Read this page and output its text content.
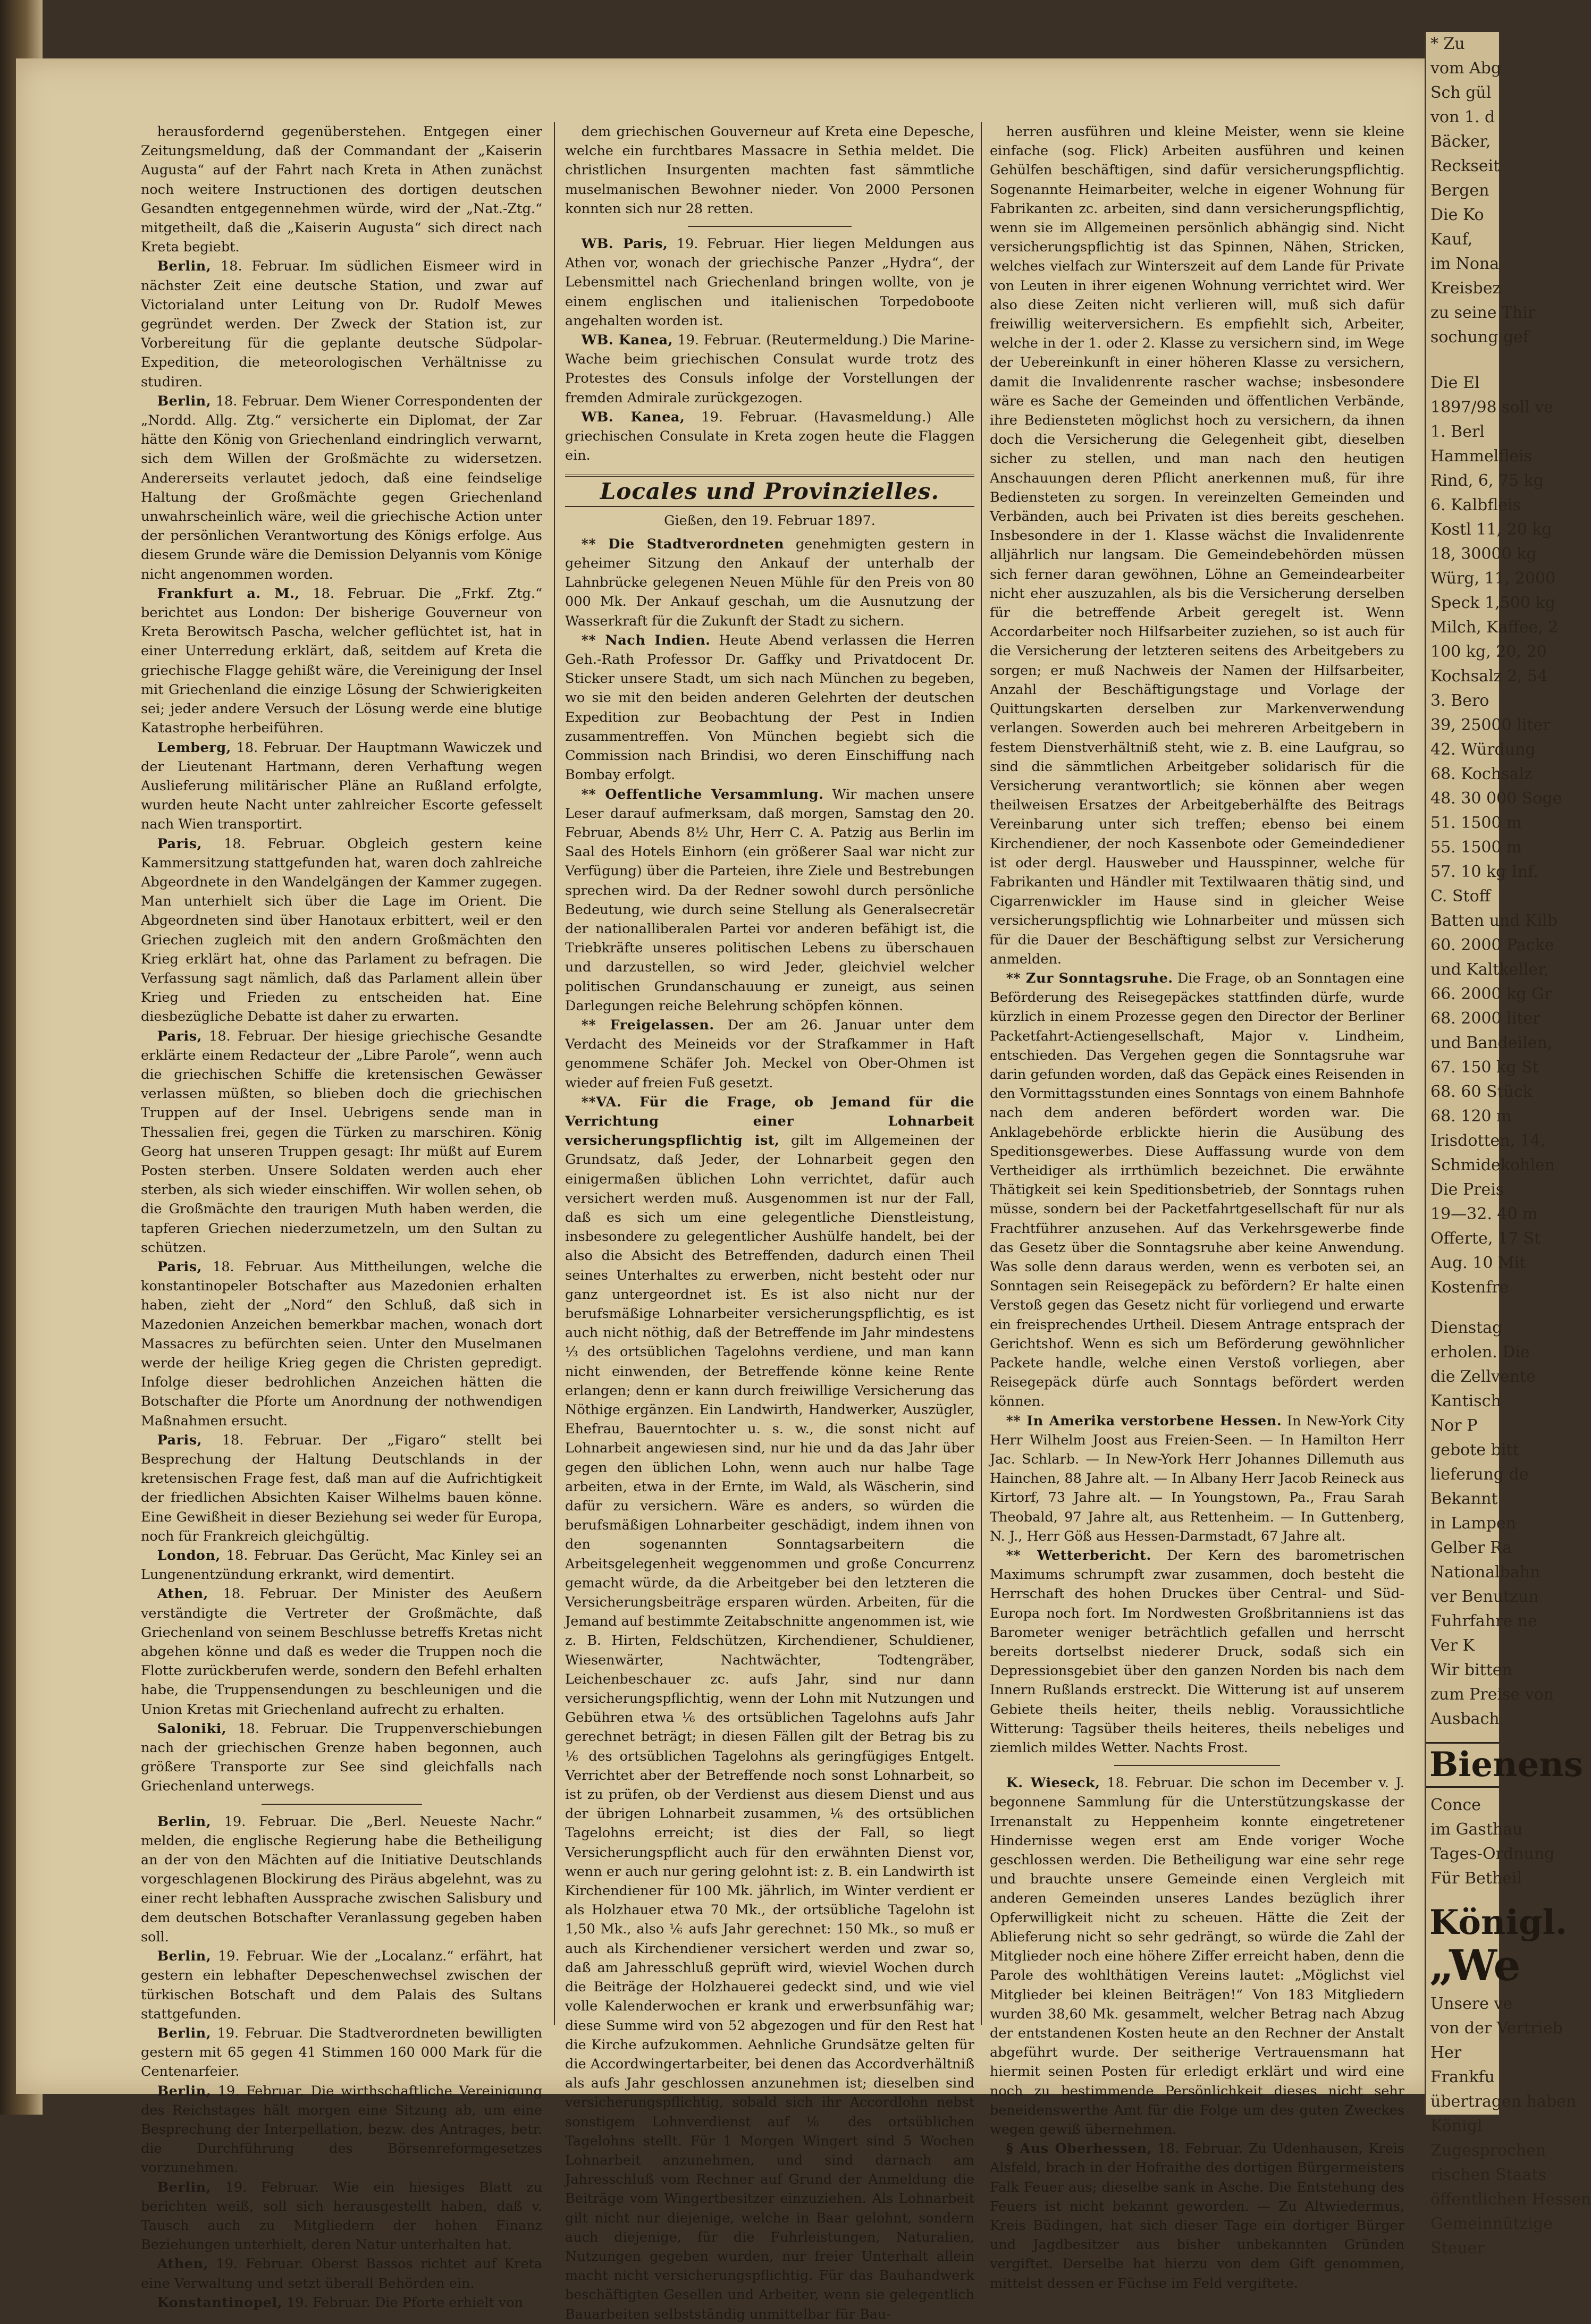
herausfordernd gegenüberstehen. Entgegen einer Zeitungsmeldung, daß der Commandant der „Kaiserin Augusta“ auf der Fahrt nach Kreta in Athen zunächst noch weitere Instructionen des dortigen deutschen Gesandten entgegennehmen würde, wird der „Nat.-Ztg.“ mitgetheilt, daß die „Kaiserin Augusta“ sich direct nach Kreta begiebt.

Berlin, 18. Februar. Im südlichen Eismeer wird in nächster Zeit eine deutsche Station, und zwar auf Victorialand unter Leitung von Dr. Rudolf Mewes gegründet werden. Der Zweck der Station ist, zur Vorbereitung für die geplante deutsche Südpolar-Expedition, die meteorologischen Verhältnisse zu studiren.

Berlin, 18. Februar. Dem Wiener Correspondenten der „Nordd. Allg. Ztg.“ versicherte ein Diplomat, der Zar hätte den König von Griechenland eindringlich verwarnt, sich dem Willen der Großmächte zu widersetzen. Andererseits verlautet jedoch, daß eine feindselige Haltung der Großmächte gegen Griechenland unwahrscheinlich wäre, weil die griechische Action unter der persönlichen Verantwortung des Königs erfolge. Aus diesem Grunde wäre die Demission Delyannis vom Könige nicht angenommen worden.

Frankfurt a. M., 18. Februar. Die „Frkf. Ztg.“ berichtet aus London: Der bisherige Gouverneur von Kreta Berowitsch Pascha, welcher geflüchtet ist, hat in einer Unterredung erklärt, daß, seitdem auf Kreta die griechische Flagge gehißt wäre, die Vereinigung der Insel mit Griechenland die einzige Lösung der Schwierigkeiten sei; jeder andere Versuch der Lösung werde eine blutige Katastrophe herbeiführen.

Lemberg, 18. Februar. Der Hauptmann Wawiczek und der Lieutenant Hartmann, deren Verhaftung wegen Auslieferung militärischer Pläne an Rußland erfolgte, wurden heute Nacht unter zahlreicher Escorte gefesselt nach Wien transportirt.

Paris, 18. Februar. Obgleich gestern keine Kammersitzung stattgefunden hat, waren doch zahlreiche Abgeordnete in den Wandelgängen der Kammer zugegen. Man unterhielt sich über die Lage im Orient. Die Abgeordneten sind über Hanotaux erbittert, weil er den Griechen zugleich mit den andern Großmächten den Krieg erklärt hat, ohne das Parlament zu befragen. Die Verfassung sagt nämlich, daß das Parlament allein über Krieg und Frieden zu entscheiden hat. Eine diesbezügliche Debatte ist daher zu erwarten.

Paris, 18. Februar. Der hiesige griechische Gesandte erklärte einem Redacteur der „Libre Parole“, wenn auch die griechischen Schiffe die kretensischen Gewässer verlassen müßten, so blieben doch die griechischen Truppen auf der Insel. Uebrigens sende man in Thessalien frei, gegen die Türken zu marschiren. König Georg hat unseren Truppen gesagt: Ihr müßt auf Eurem Posten sterben. Unsere Soldaten werden auch eher sterben, als sich wieder einschiffen. Wir wollen sehen, ob die Großmächte den traurigen Muth haben werden, die tapferen Griechen niederzumetzeln, um den Sultan zu schützen.

Paris, 18. Februar. Aus Mittheilungen, welche die konstantinopeler Botschafter aus Mazedonien erhalten haben, zieht der „Nord“ den Schluß, daß sich in Mazedonien Anzeichen bemerkbar machen, wonach dort Massacres zu befürchten seien. Unter den Muselmanen werde der heilige Krieg gegen die Christen gepredigt. Infolge dieser bedrohlichen Anzeichen hätten die Botschafter die Pforte um Anordnung der nothwendigen Maßnahmen ersucht.

Paris, 18. Februar. Der „Figaro“ stellt bei Besprechung der Haltung Deutschlands in der kretensischen Frage fest, daß man auf die Aufrichtigkeit der friedlichen Absichten Kaiser Wilhelms bauen könne. Eine Gewißheit in dieser Beziehung sei weder für Europa, noch für Frankreich gleichgültig.

London, 18. Februar. Das Gerücht, Mac Kinley sei an Lungenentzündung erkrankt, wird dementirt.

Athen, 18. Februar. Der Minister des Aeußern verständigte die Vertreter der Großmächte, daß Griechenland von seinem Beschlusse betreffs Kretas nicht abgehen könne und daß es weder die Truppen noch die Flotte zurückberufen werde, sondern den Befehl erhalten habe, die Truppensendungen zu beschleunigen und die Union Kretas mit Griechenland aufrecht zu erhalten.

Saloniki, 18. Februar. Die Truppenverschiebungen nach der griechischen Grenze haben begonnen, auch größere Transporte zur See sind gleichfalls nach Griechenland unterwegs.

Berlin, 19. Februar. Die „Berl. Neueste Nachr.“ melden, die englische Regierung habe die Betheiligung an der von den Mächten auf die Initiative Deutschlands vorgeschlagenen Blockirung des Piräus abgelehnt, was zu einer recht lebhaften Aussprache zwischen Salisbury und dem deutschen Botschafter Veranlassung gegeben haben soll.

Berlin, 19. Februar. Wie der „Localanz.“ erfährt, hat gestern ein lebhafter Depeschenwechsel zwischen der türkischen Botschaft und dem Palais des Sultans stattgefunden.

Berlin, 19. Februar. Die Stadtverordneten bewilligten gestern mit 65 gegen 41 Stimmen 160 000 Mark für die Centenarfeier.

Berlin, 19. Februar. Die wirthschaftliche Vereinigung des Reichstages hält morgen eine Sitzung ab, um eine Besprechung der Interpellation, bezw. des Antrages, betr. die Durchführung des Börsenreformgesetzes vorzunehmen.

Berlin, 19. Februar. Wie ein hiesiges Blatt zu berichten weiß, soll sich herausgestellt haben, daß v. Tausch auch zu Mitgliedern der hohen Finanz Beziehungen unterhielt, deren Natur unterhalten hat.

Athen, 19. Februar. Oberst Bassos richtet auf Kreta eine Verwaltung und setzt überall Behörden ein.

Konstantinopel, 19. Februar. Die Pforte erhielt von

dem griechischen Gouverneur auf Kreta eine Depesche, welche ein furchtbares Massacre in Sethia meldet. Die christlichen Insurgenten machten fast sämmtliche muselmanischen Bewohner nieder. Von 2000 Personen konnten sich nur 28 retten.

WB. Paris, 19. Februar. Hier liegen Meldungen aus Athen vor, wonach der griechische Panzer „Hydra“, der Lebensmittel nach Griechenland bringen wollte, von je einem englischen und italienischen Torpedoboote angehalten worden ist.

WB. Kanea, 19. Februar. (Reutermeldung.) Die Marine-Wache beim griechischen Consulat wurde trotz des Protestes des Consuls infolge der Vorstellungen der fremden Admirale zurückgezogen.

WB. Kanea, 19. Februar. (Havasmeldung.) Alle griechischen Consulate in Kreta zogen heute die Flaggen ein.

Locales und Provinzielles.
Gießen, den 19. Februar 1897.

** Die Stadtverordneten genehmigten gestern in geheimer Sitzung den Ankauf der unterhalb der Lahnbrücke gelegenen Neuen Mühle für den Preis von 80 000 Mk. Der Ankauf geschah, um die Ausnutzung der Wasserkraft für die Zukunft der Stadt zu sichern.

** Nach Indien. Heute Abend verlassen die Herren Geh.-Rath Professor Dr. Gaffky und Privatdocent Dr. Sticker unsere Stadt, um sich nach München zu begeben, wo sie mit den beiden anderen Gelehrten der deutschen Expedition zur Beobachtung der Pest in Indien zusammentreffen. Von München begiebt sich die Commission nach Brindisi, wo deren Einschiffung nach Bombay erfolgt.

** Oeffentliche Versammlung. Wir machen unsere Leser darauf aufmerksam, daß morgen, Samstag den 20. Februar, Abends 8½ Uhr, Herr C. A. Patzig aus Berlin im Saal des Hotels Einhorn (ein größerer Saal war nicht zur Verfügung) über die Parteien, ihre Ziele und Bestrebungen sprechen wird. Da der Redner sowohl durch persönliche Bedeutung, wie durch seine Stellung als Generalsecretär der nationalliberalen Partei vor anderen befähigt ist, die Triebkräfte unseres politischen Lebens zu überschauen und darzustellen, so wird Jeder, gleichviel welcher politischen Grundanschauung er zuneigt, aus seinen Darlegungen reiche Belehrung schöpfen können.

** Freigelassen. Der am 26. Januar unter dem Verdacht des Meineids vor der Strafkammer in Haft genommene Schäfer Joh. Meckel von Ober-Ohmen ist wieder auf freien Fuß gesetzt.

**VA. Für die Frage, ob Jemand für die Verrichtung einer Lohnarbeit versicherungspflichtig ist, gilt im Allgemeinen der Grundsatz, daß Jeder, der Lohnarbeit gegen den einigermaßen üblichen Lohn verrichtet, dafür auch versichert werden muß. Ausgenommen ist nur der Fall, daß es sich um eine gelegentliche Dienstleistung, insbesondere zu gelegentlicher Aushülfe handelt, bei der also die Absicht des Betreffenden, dadurch einen Theil seines Unterhaltes zu erwerben, nicht besteht oder nur ganz untergeordnet ist. Es ist also nicht nur der berufsmäßige Lohnarbeiter versicherungspflichtig, es ist auch nicht nöthig, daß der Betreffende im Jahr mindestens ⅓ des ortsüblichen Tagelohns verdiene, und man kann nicht einwenden, der Betreffende könne keine Rente erlangen; denn er kann durch freiwillige Versicherung das Nöthige ergänzen. Ein Landwirth, Handwerker, Auszügler, Ehefrau, Bauerntochter u. s. w., die sonst nicht auf Lohnarbeit angewiesen sind, nur hie und da das Jahr über gegen den üblichen Lohn, wenn auch nur halbe Tage arbeiten, etwa in der Ernte, im Wald, als Wäscherin, sind dafür zu versichern. Wäre es anders, so würden die berufsmäßigen Lohnarbeiter geschädigt, indem ihnen von den sogenannten Sonntagsarbeitern die Arbeitsgelegenheit weggenommen und große Concurrenz gemacht würde, da die Arbeitgeber bei den letzteren die Versicherungsbeiträge ersparen würden. Arbeiten, für die Jemand auf bestimmte Zeitabschnitte angenommen ist, wie z. B. Hirten, Feldschützen, Kirchendiener, Schuldiener, Wiesenwärter, Nachtwächter, Todtengräber, Leichenbeschauer zc. aufs Jahr, sind nur dann versicherungspflichtig, wenn der Lohn mit Nutzungen und Gebühren etwa ⅙ des ortsüblichen Tagelohns aufs Jahr gerechnet beträgt; in diesen Fällen gilt der Betrag bis zu ⅙ des ortsüblichen Tagelohns als geringfügiges Entgelt. Verrichtet aber der Betreffende noch sonst Lohnarbeit, so ist zu prüfen, ob der Verdienst aus diesem Dienst und aus der übrigen Lohnarbeit zusammen, ⅙ des ortsüblichen Tagelohns erreicht; ist dies der Fall, so liegt Versicherungspflicht auch für den erwähnten Dienst vor, wenn er auch nur gering gelohnt ist: z. B. ein Landwirth ist Kirchendiener für 100 Mk. jährlich, im Winter verdient er als Holzhauer etwa 70 Mk., der ortsübliche Tagelohn ist 1,50 Mk., also ⅙ aufs Jahr gerechnet: 150 Mk., so muß er auch als Kirchendiener versichert werden und zwar so, daß am Jahresschluß geprüft wird, wieviel Wochen durch die Beiträge der Holzhauerei gedeckt sind, und wie viel volle Kalenderwochen er krank und erwerbsunfähig war; diese Summe wird von 52 abgezogen und für den Rest hat die Kirche aufzukommen. Aehnliche Grundsätze gelten für die Accordwingertarbeiter, bei denen das Accordverhältniß als aufs Jahr geschlossen anzunehmen ist; dieselben sind versicherungspflichtig, sobald sich ihr Accordlohn nebst sonstigem Lohnverdienst auf ⅙ des ortsüblichen Tagelohns stellt. Für 1 Morgen Wingert sind 5 Wochen Lohnarbeit anzunehmen, und sind darnach am Jahresschluß vom Rechner auf Grund der Anmeldung die Beiträge vom Wingertbesitzer einzuziehen. Als Lohnarbeit gilt nicht nur diejenige, welche in Baar gelohnt, sondern auch diejenige, für die Fuhrleistungen, Naturalien, Nutzungen gegeben wurden, nur freier Unterhalt allein macht nicht versicherungspflichtig. Für das Bauhandwerk beschäftigten Gesellen und Arbeiter, wenn sie gelegentlich Bauarbeiten selbstständig unmittelbar für Bau-

herren ausführen und kleine Meister, wenn sie kleine einfache (sog. Flick) Arbeiten ausführen und keinen Gehülfen beschäftigen, sind dafür versicherungspflichtig. Sogenannte Heimarbeiter, welche in eigener Wohnung für Fabrikanten zc. arbeiten, sind dann versicherungspflichtig, wenn sie im Allgemeinen persönlich abhängig sind. Nicht versicherungspflichtig ist das Spinnen, Nähen, Stricken, welches vielfach zur Winterszeit auf dem Lande für Private von Leuten in ihrer eigenen Wohnung verrichtet wird. Wer also diese Zeiten nicht verlieren will, muß sich dafür freiwillig weiterversichern. Es empfiehlt sich, Arbeiter, welche in der 1. oder 2. Klasse zu versichern sind, im Wege der Uebereinkunft in einer höheren Klasse zu versichern, damit die Invalidenrente rascher wachse; insbesondere wäre es Sache der Gemeinden und öffentlichen Verbände, ihre Bediensteten möglichst hoch zu versichern, da ihnen doch die Versicherung die Gelegenheit gibt, dieselben sicher zu stellen, und man nach den heutigen Anschauungen deren Pflicht anerkennen muß, für ihre Bediensteten zu sorgen. In vereinzelten Gemeinden und Verbänden, auch bei Privaten ist dies bereits geschehen. Insbesondere in der 1. Klasse wächst die Invalidenrente alljährlich nur langsam. Die Gemeindebehörden müssen sich ferner daran gewöhnen, Löhne an Gemeindearbeiter nicht eher auszuzahlen, als bis die Versicherung derselben für die betreffende Arbeit geregelt ist. Wenn Accordarbeiter noch Hilfsarbeiter zuziehen, so ist auch für die Versicherung der letzteren seitens des Arbeitgebers zu sorgen; er muß Nachweis der Namen der Hilfsarbeiter, Anzahl der Beschäftigungstage und Vorlage der Quittungskarten derselben zur Markenverwendung verlangen. Sowerden auch bei mehreren Arbeitgebern in festem Dienstverhältniß steht, wie z. B. eine Laufgrau, so sind die sämmtlichen Arbeitgeber solidarisch für die Versicherung verantwortlich; sie können aber wegen theilweisen Ersatzes der Arbeitgeberhälfte des Beitrags Vereinbarung unter sich treffen; ebenso bei einem Kirchendiener, der noch Kassenbote oder Gemeindediener ist oder dergl. Hausweber und Hausspinner, welche für Fabrikanten und Händler mit Textilwaaren thätig sind, und Cigarrenwickler im Hause sind in gleicher Weise versicherungspflichtig wie Lohnarbeiter und müssen sich für die Dauer der Beschäftigung selbst zur Versicherung anmelden.

** Zur Sonntagsruhe. Die Frage, ob an Sonntagen eine Beförderung des Reisegepäckes stattfinden dürfe, wurde kürzlich in einem Prozesse gegen den Director der Berliner Packetfahrt-Actiengesellschaft, Major v. Lindheim, entschieden. Das Vergehen gegen die Sonntagsruhe war darin gefunden worden, daß das Gepäck eines Reisenden in den Vormittagsstunden eines Sonntags von einem Bahnhofe nach dem anderen befördert worden war. Die Anklagebehörde erblickte hierin die Ausübung des Speditionsgewerbes. Diese Auffassung wurde von dem Vertheidiger als irrthümlich bezeichnet. Die erwähnte Thätigkeit sei kein Speditionsbetrieb, der Sonntags ruhen müsse, sondern bei der Packetfahrtgesellschaft für nur als Frachtführer anzusehen. Auf das Verkehrsgewerbe finde das Gesetz über die Sonntagsruhe aber keine Anwendung. Was solle denn daraus werden, wenn es verboten sei, an Sonntagen sein Reisegepäck zu befördern? Er halte einen Verstoß gegen das Gesetz nicht für vorliegend und erwarte ein freisprechendes Urtheil. Diesem Antrage entsprach der Gerichtshof. Wenn es sich um Beförderung gewöhnlicher Packete handle, welche einen Verstoß vorliegen, aber Reisegepäck dürfe auch Sonntags befördert werden können.

** In Amerika verstorbene Hessen. In New-York City Herr Wilhelm Joost aus Freien-Seen. — In Hamilton Herr Jac. Schlarb. — In New-York Herr Johannes Dillemuth aus Hainchen, 88 Jahre alt. — In Albany Herr Jacob Reineck aus Kirtorf, 73 Jahre alt. — In Youngstown, Pa., Frau Sarah Theobald, 97 Jahre alt, aus Rettenheim. — In Guttenberg, N. J., Herr Göß aus Hessen-Darmstadt, 67 Jahre alt.

** Wetterbericht. Der Kern des barometrischen Maximums schrumpft zwar zusammen, doch besteht die Herrschaft des hohen Druckes über Central- und Süd-Europa noch fort. Im Nordwesten Großbritanniens ist das Barometer weniger beträchtlich gefallen und herrscht bereits dortselbst niederer Druck, sodaß sich ein Depressionsgebiet über den ganzen Norden bis nach dem Innern Rußlands erstreckt. Die Witterung ist auf unserem Gebiete theils heiter, theils neblig. Voraussichtliche Witterung: Tagsüber theils heiteres, theils nebeliges und ziemlich mildes Wetter. Nachts Frost.

K. Wieseck, 18. Februar. Die schon im December v. J. begonnene Sammlung für die Unterstützungskasse der Irrenanstalt zu Heppenheim konnte eingetretener Hindernisse wegen erst am Ende voriger Woche geschlossen werden. Die Betheiligung war eine sehr rege und brauchte unsere Gemeinde einen Vergleich mit anderen Gemeinden unseres Landes bezüglich ihrer Opferwilligkeit nicht zu scheuen. Hätte die Zeit der Ablieferung nicht so sehr gedrängt, so würde die Zahl der Mitglieder noch eine höhere Ziffer erreicht haben, denn die Parole des wohlthätigen Vereins lautet: „Möglichst viel Mitglieder bei kleinen Beiträgen!“ Von 183 Mitgliedern wurden 38,60 Mk. gesammelt, welcher Betrag nach Abzug der entstandenen Kosten heute an den Rechner der Anstalt abgeführt wurde. Der seitherige Vertrauensmann hat hiermit seinen Posten für erledigt erklärt und wird eine noch zu bestimmende Persönlichkeit dieses nicht sehr beneidenswerthe Amt für die Folge um des guten Zweckes wegen gewiß übernehmen.

§ Aus Oberhessen, 18. Februar. Zu Udenhausen, Kreis Alsfeld, brach in der Hofraithe des dortigen Bürgermeisters Falk Feuer aus; dieselbe sank in Asche. Die Entstehung des Feuers ist nicht bekannt geworden. — Zu Altwiedermus, Kreis Büdingen, hat sich dieser Tage ein dortiger Bürger und Jagdbesitzer aus bisher unbekannten Gründen vergiftet. Derselbe hat hierzu von dem Gift genommen, mittelst dessen er Füchse im Feld vergiftete.

* Zu
vom Abg
Sch gül
von 1. d
Bäcker,
Reckseit
Bergen
Die Ko
Kauf,
im Nona
Kreisbez
zu seine Thir
sochung gef
Die El
1897/98 soll ve
1. Berl
Hammelfleis
Rind, 6, 75 kg
6. Kalbfleis
Kostl 11, 20 kg
18, 30000 kg
Würg, 11, 2000
Speck 1,500 kg
Milch, Kaffee, 2
100 kg, 20, 20
Kochsalz 2, 54
3. Bero
39, 25000 liter
42. Würdung
68. Kochsalz
48. 30 000 Soge
51. 1500 m
55. 1500 m
57. 10 kg Inf.
C. Stoff
Batten und Kilb
60. 2000 Packe
und Kaltkeller,
66. 2000 kg Gr
68. 2000 liter
und Bandeilen,
67. 150 kg St
68. 60 Stück
68. 120 m
Irisdotten, 14,
Schmidekohlen
Die Preis
19—32. 40 m
Offerte, 17 St
Aug. 10 Mit
Kostenfre
Dienstag
erholen. Die
die Zellvente
Kantisch
Nor P
gebote bitt
lieferung de
Bekannt
in Lampen
Gelber Ra
Nationalbahn
ver Benutzun
Fuhrfahre ne
Ver K
Wir bitten
zum Preise von
Ausbach
Bienens
Conce
im Gasthau
Tages-Ordnung
Für Betheil
Königl.
„We
Unsere ve
von der Vertrieb
Her
Frankfu
übertragen haben
Königl
Zugesprochen
rischen Staats
öffentlichen Hessen
Gemeinnützige
Steuer
